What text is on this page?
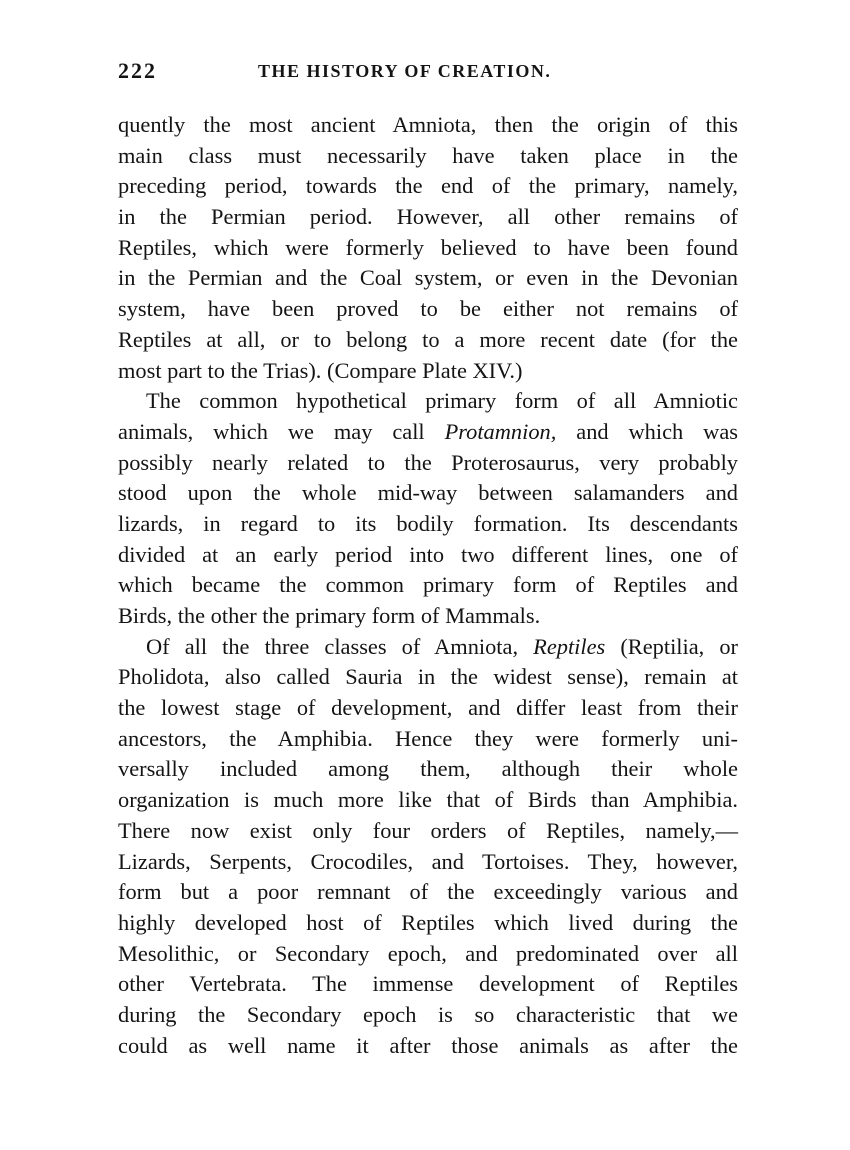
222	THE HISTORY OF CREATION.
quently the most ancient Amniota, then the origin of this
main class must necessarily have taken place in the
preceding period, towards the end of the primary, namely,
in the Permian period. However, all other remains of
Reptiles, which were formerly believed to have been found
in the Permian and the Coal system, or even in the Devonian
system, have been proved to be either not remains of
Reptiles at all, or to belong to a more recent date (for the
most part to the Trias). (Compare Plate XIV.)
The common hypothetical primary form of all Amniotic
animals, which we may call Protamnion, and which was
possibly nearly related to the Proterosaurus, very probably
stood upon the whole mid-way between salamanders and
lizards, in regard to its bodily formation. Its descendants
divided at an early period into two different lines, one of
which became the common primary form of Reptiles and
Birds, the other the primary form of Mammals.
Of all the three classes of Amniota, Reptiles (Reptilia, or
Pholidota, also called Sauria in the widest sense), remain at
the lowest stage of development, and differ least from their
ancestors, the Amphibia. Hence they were formerly uni-
versally included among them, although their whole
organization is much more like that of Birds than Amphibia.
There now exist only four orders of Reptiles, namely,—
Lizards, Serpents, Crocodiles, and Tortoises. They, however,
form but a poor remnant of the exceedingly various and
highly developed host of Reptiles which lived during the
Mesolithic, or Secondary epoch, and predominated over all
other Vertebrata. The immense development of Reptiles
during the Secondary epoch is so characteristic that we
could as well name it after those animals as after the
